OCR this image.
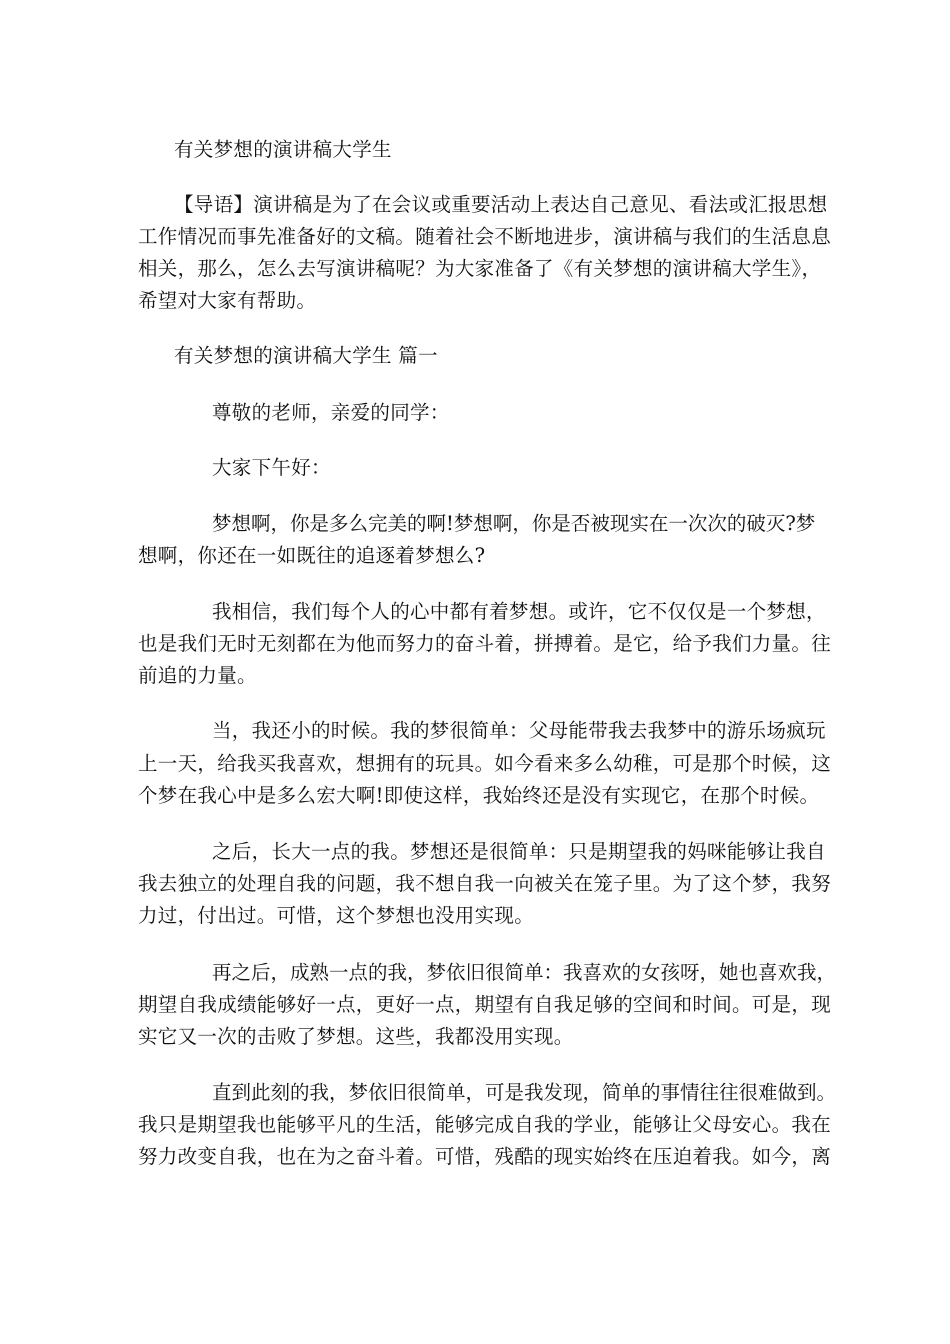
有关梦想的演讲稿大学生
【导语】演讲稿是为了在会议或重要活动上表达自己意见、看法或汇报思想
工作情况而事先准备好的文稿。随着社会不断地进步，演讲稿与我们的生活息息
相关，那么，怎么去写演讲稿呢？为大家准备了《有关梦想的演讲稿大学生》，
希望对大家有帮助。
有关梦想的演讲稿大学生 篇一
尊敬的老师，亲爱的同学：
大家下午好：
梦想啊，你是多么完美的啊!梦想啊，你是否被现实在一次次的破灭?梦
想啊，你还在一如既往的追逐着梦想么?
我相信，我们每个人的心中都有着梦想。或许，它不仅仅是一个梦想，
也是我们无时无刻都在为他而努力的奋斗着，拼搏着。是它，给予我们力量。往
前追的力量。
当，我还小的时候。我的梦很简单：父母能带我去我梦中的游乐场疯玩
上一天，给我买我喜欢，想拥有的玩具。如今看来多么幼稚，可是那个时候，这
个梦在我心中是多么宏大啊!即使这样，我始终还是没有实现它，在那个时候。
之后，长大一点的我。梦想还是很简单：只是期望我的妈咪能够让我自
我去独立的处理自我的问题，我不想自我一向被关在笼子里。为了这个梦，我努
力过，付出过。可惜，这个梦想也没用实现。
再之后，成熟一点的我，梦依旧很简单：我喜欢的女孩呀，她也喜欢我，
期望自我成绩能够好一点，更好一点，期望有自我足够的空间和时间。可是，现
实它又一次的击败了梦想。这些，我都没用实现。
直到此刻的我，梦依旧很简单，可是我发现，简单的事情往往很难做到。
我只是期望我也能够平凡的生活，能够完成自我的学业，能够让父母安心。我在
努力改变自我，也在为之奋斗着。可惜，残酷的现实始终在压迫着我。如今，离
